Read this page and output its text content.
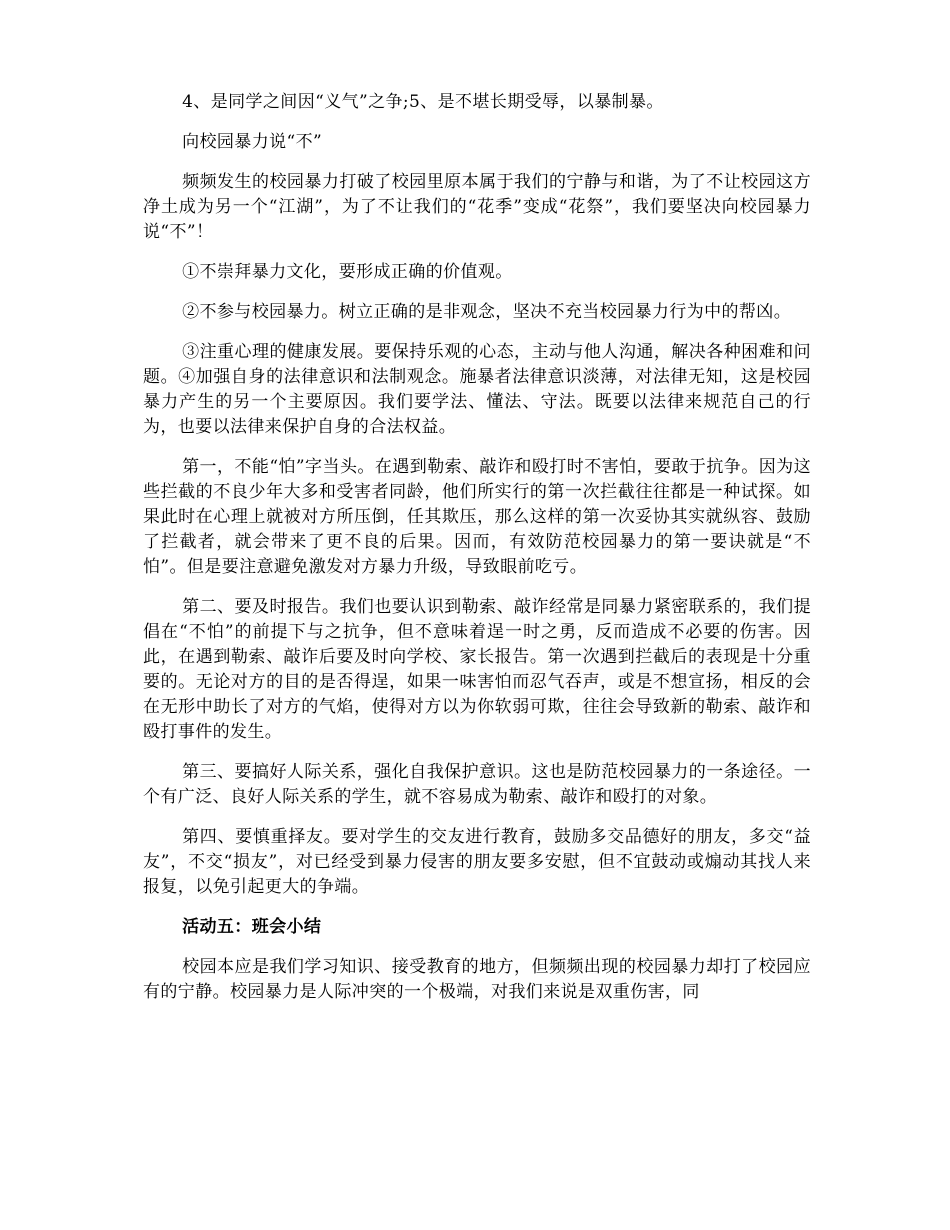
4、是同学之间因“义气”之争;5、是不堪长期受辱，以暴制暴。

向校园暴力说“不”

频频发生的校园暴力打破了校园里原本属于我们的宁静与和谐，为了不让校园这方净土成为另一个“江湖”，为了不让我们的“花季”变成“花祭”，我们要坚决向校园暴力说“不”！

①不崇拜暴力文化，要形成正确的价值观。

②不参与校园暴力。树立正确的是非观念，坚决不充当校园暴力行为中的帮凶。

③注重心理的健康发展。要保持乐观的心态，主动与他人沟通，解决各种困难和问题。④加强自身的法律意识和法制观念。施暴者法律意识淡薄，对法律无知，这是校园暴力产生的另一个主要原因。我们要学法、懂法、守法。既要以法律来规范自己的行为，也要以法律来保护自身的合法权益。

第一，不能“怕”字当头。在遇到勒索、敲诈和殴打时不害怕，要敢于抗争。因为这些拦截的不良少年大多和受害者同龄，他们所实行的第一次拦截往往都是一种试探。如果此时在心理上就被对方所压倒，任其欺压，那么这样的第一次妥协其实就纵容、鼓励了拦截者，就会带来了更不良的后果。因而，有效防范校园暴力的第一要诀就是“不怕”。但是要注意避免激发对方暴力升级，导致眼前吃亏。

第二、要及时报告。我们也要认识到勒索、敲诈经常是同暴力紧密联系的，我们提倡在“不怕”的前提下与之抗争，但不意味着逞一时之勇，反而造成不必要的伤害。因此，在遇到勒索、敲诈后要及时向学校、家长报告。第一次遇到拦截后的表现是十分重要的。无论对方的目的是否得逞，如果一味害怕而忍气吞声，或是不想宣扬，相反的会在无形中助长了对方的气焰，使得对方以为你软弱可欺，往往会导致新的勒索、敲诈和殴打事件的发生。

第三、要搞好人际关系，强化自我保护意识。这也是防范校园暴力的一条途径。一个有广泛、良好人际关系的学生，就不容易成为勒索、敲诈和殴打的对象。

第四、要慎重择友。要对学生的交友进行教育，鼓励多交品德好的朋友，多交“益友”，不交“损友”，对已经受到暴力侵害的朋友要多安慰，但不宜鼓动或煽动其找人来报复，以免引起更大的争端。

活动五：班会小结

校园本应是我们学习知识、接受教育的地方，但频频出现的校园暴力却打了校园应有的宁静。校园暴力是人际冲突的一个极端，对我们来说是双重伤害，同
